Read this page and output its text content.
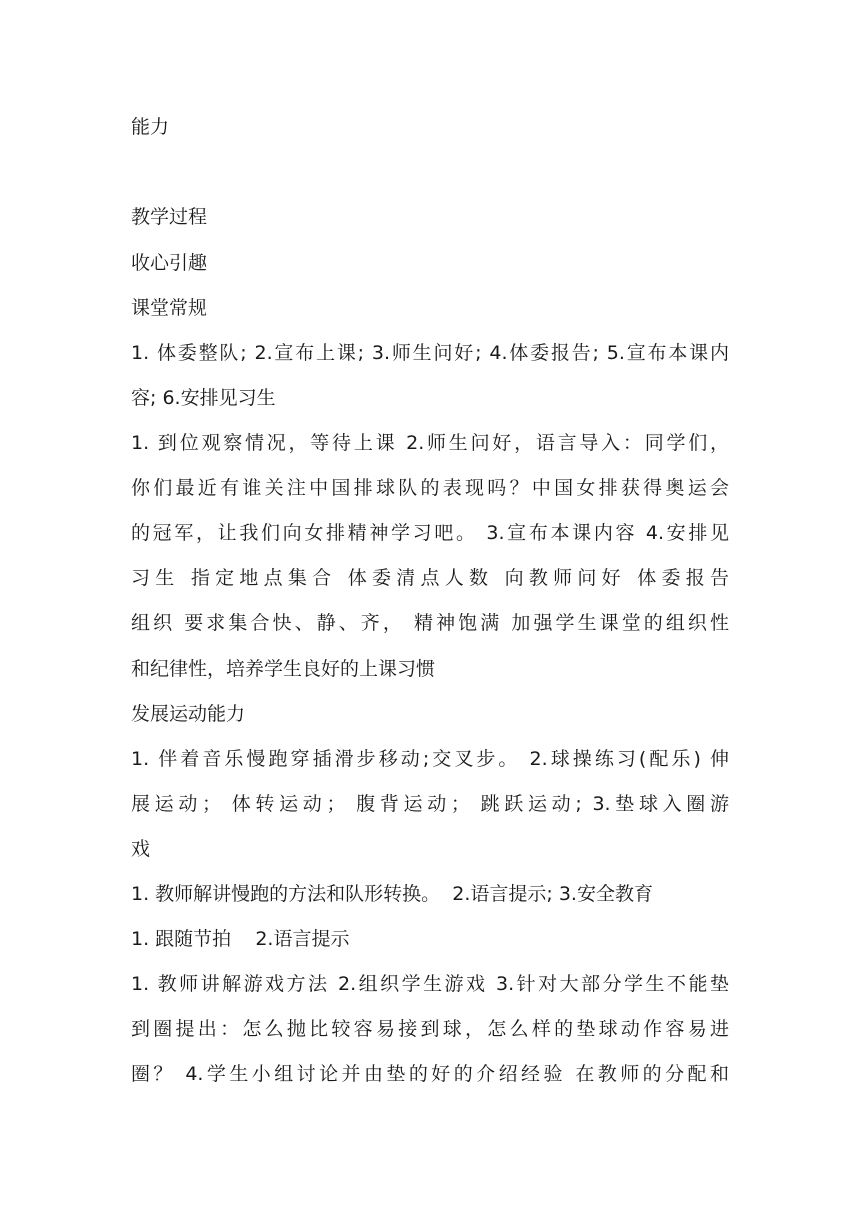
能力
教学过程
收心引趣
课堂常规
1. 体委整队; 2.宣布上课; 3.师生问好; 4.体委报告; 5.宣布本课内
容; 6.安排见习生
1. 到位观察情况，等待上课 2.师生问好，语言导入：同学们，
你们最近有谁关注中国排球队的表现吗？中国女排获得奥运会
的冠军，让我们向女排精神学习吧。 3.宣布本课内容 4.安排见
习生 指定地点集合 体委清点人数 向教师问好 体委报告
组织 要求集合快、静、齐， 精神饱满 加强学生课堂的组织性
和纪律性，培养学生良好的上课习惯
发展运动能力
1. 伴着音乐慢跑穿插滑步移动;交叉步。 2.球操练习(配乐) 伸
展运动； 体转运动； 腹背运动； 跳跃运动; 3.垫球入圈游
戏
1. 教师解讲慢跑的方法和队形转换。  2.语言提示; 3.安全教育
1. 跟随节拍    2.语言提示
1. 教师讲解游戏方法 2.组织学生游戏 3.针对大部分学生不能垫
到圈提出：怎么抛比较容易接到球，怎么样的垫球动作容易进
圈？ 4.学生小组讨论并由垫的好的介绍经验 在教师的分配和
